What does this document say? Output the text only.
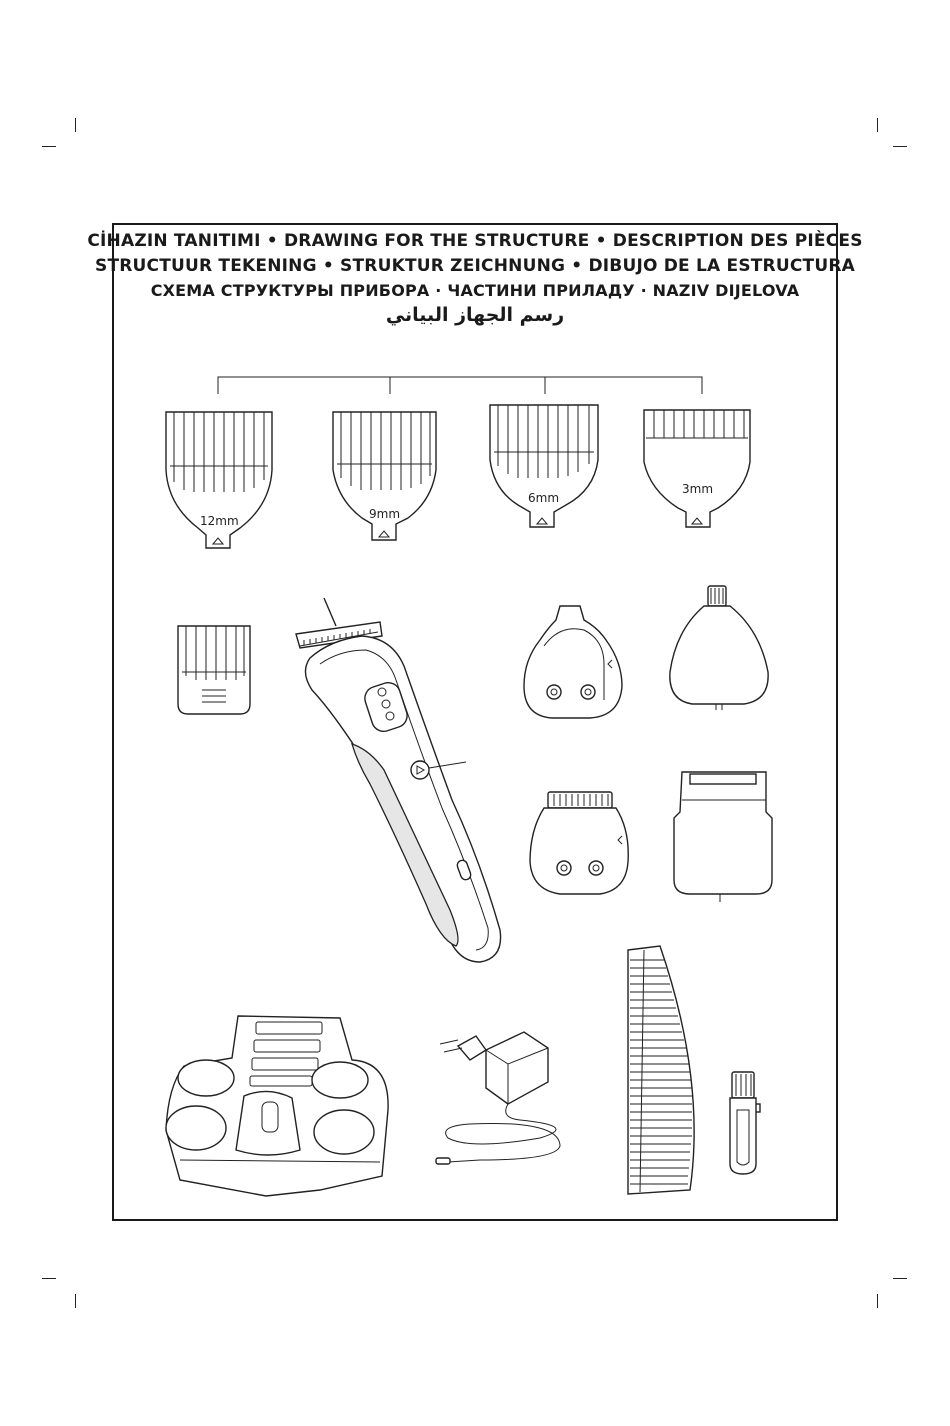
CİHAZIN TANITIMI • DRAWING FOR THE STRUCTURE • DESCRIPTION DES PIÈCES
STRUCTUUR TEKENING • STRUKTUR ZEICHNUNG • DIBUJO DE LA ESTRUCTURA
СХЕМА СТРУКТУРЫ ПРИБОРА · ЧАСТИНИ ПРИЛАДУ · NAZIV DIJELOVA
رسم الجهاز البياني
12mm	9mm
6mm
3mm
